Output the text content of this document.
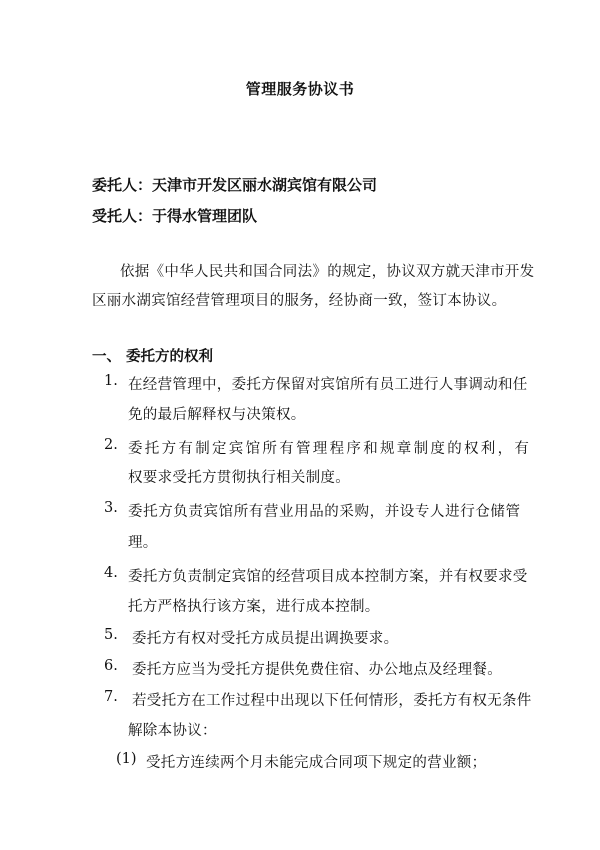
管理服务协议书
委托人：天津市开发区丽水湖宾馆有限公司
受托人：于得水管理团队
依据《中华人民共和国合同法》的规定，协议双方就天津市开发
区丽水湖宾馆经营管理项目的服务，经协商一致，签订本协议。
一、 委托方的权利
1. 在经营管理中，委托方保留对宾馆所有员工进行人事调动和任
免的最后解释权与决策权。
2. 委托方有制定宾馆所有管理程序和规章制度的权利，有
权要求受托方贯彻执行相关制度。
3. 委托方负责宾馆所有营业用品的采购，并设专人进行仓储管
理。
4. 委托方负责制定宾馆的经营项目成本控制方案，并有权要求受
托方严格执行该方案，进行成本控制。
5. 委托方有权对受托方成员提出调换要求。
6. 委托方应当为受托方提供免费住宿、办公地点及经理餐。
7. 若受托方在工作过程中出现以下任何情形，委托方有权无条件
解除本协议：
(1) 受托方连续两个月未能完成合同项下规定的营业额；
